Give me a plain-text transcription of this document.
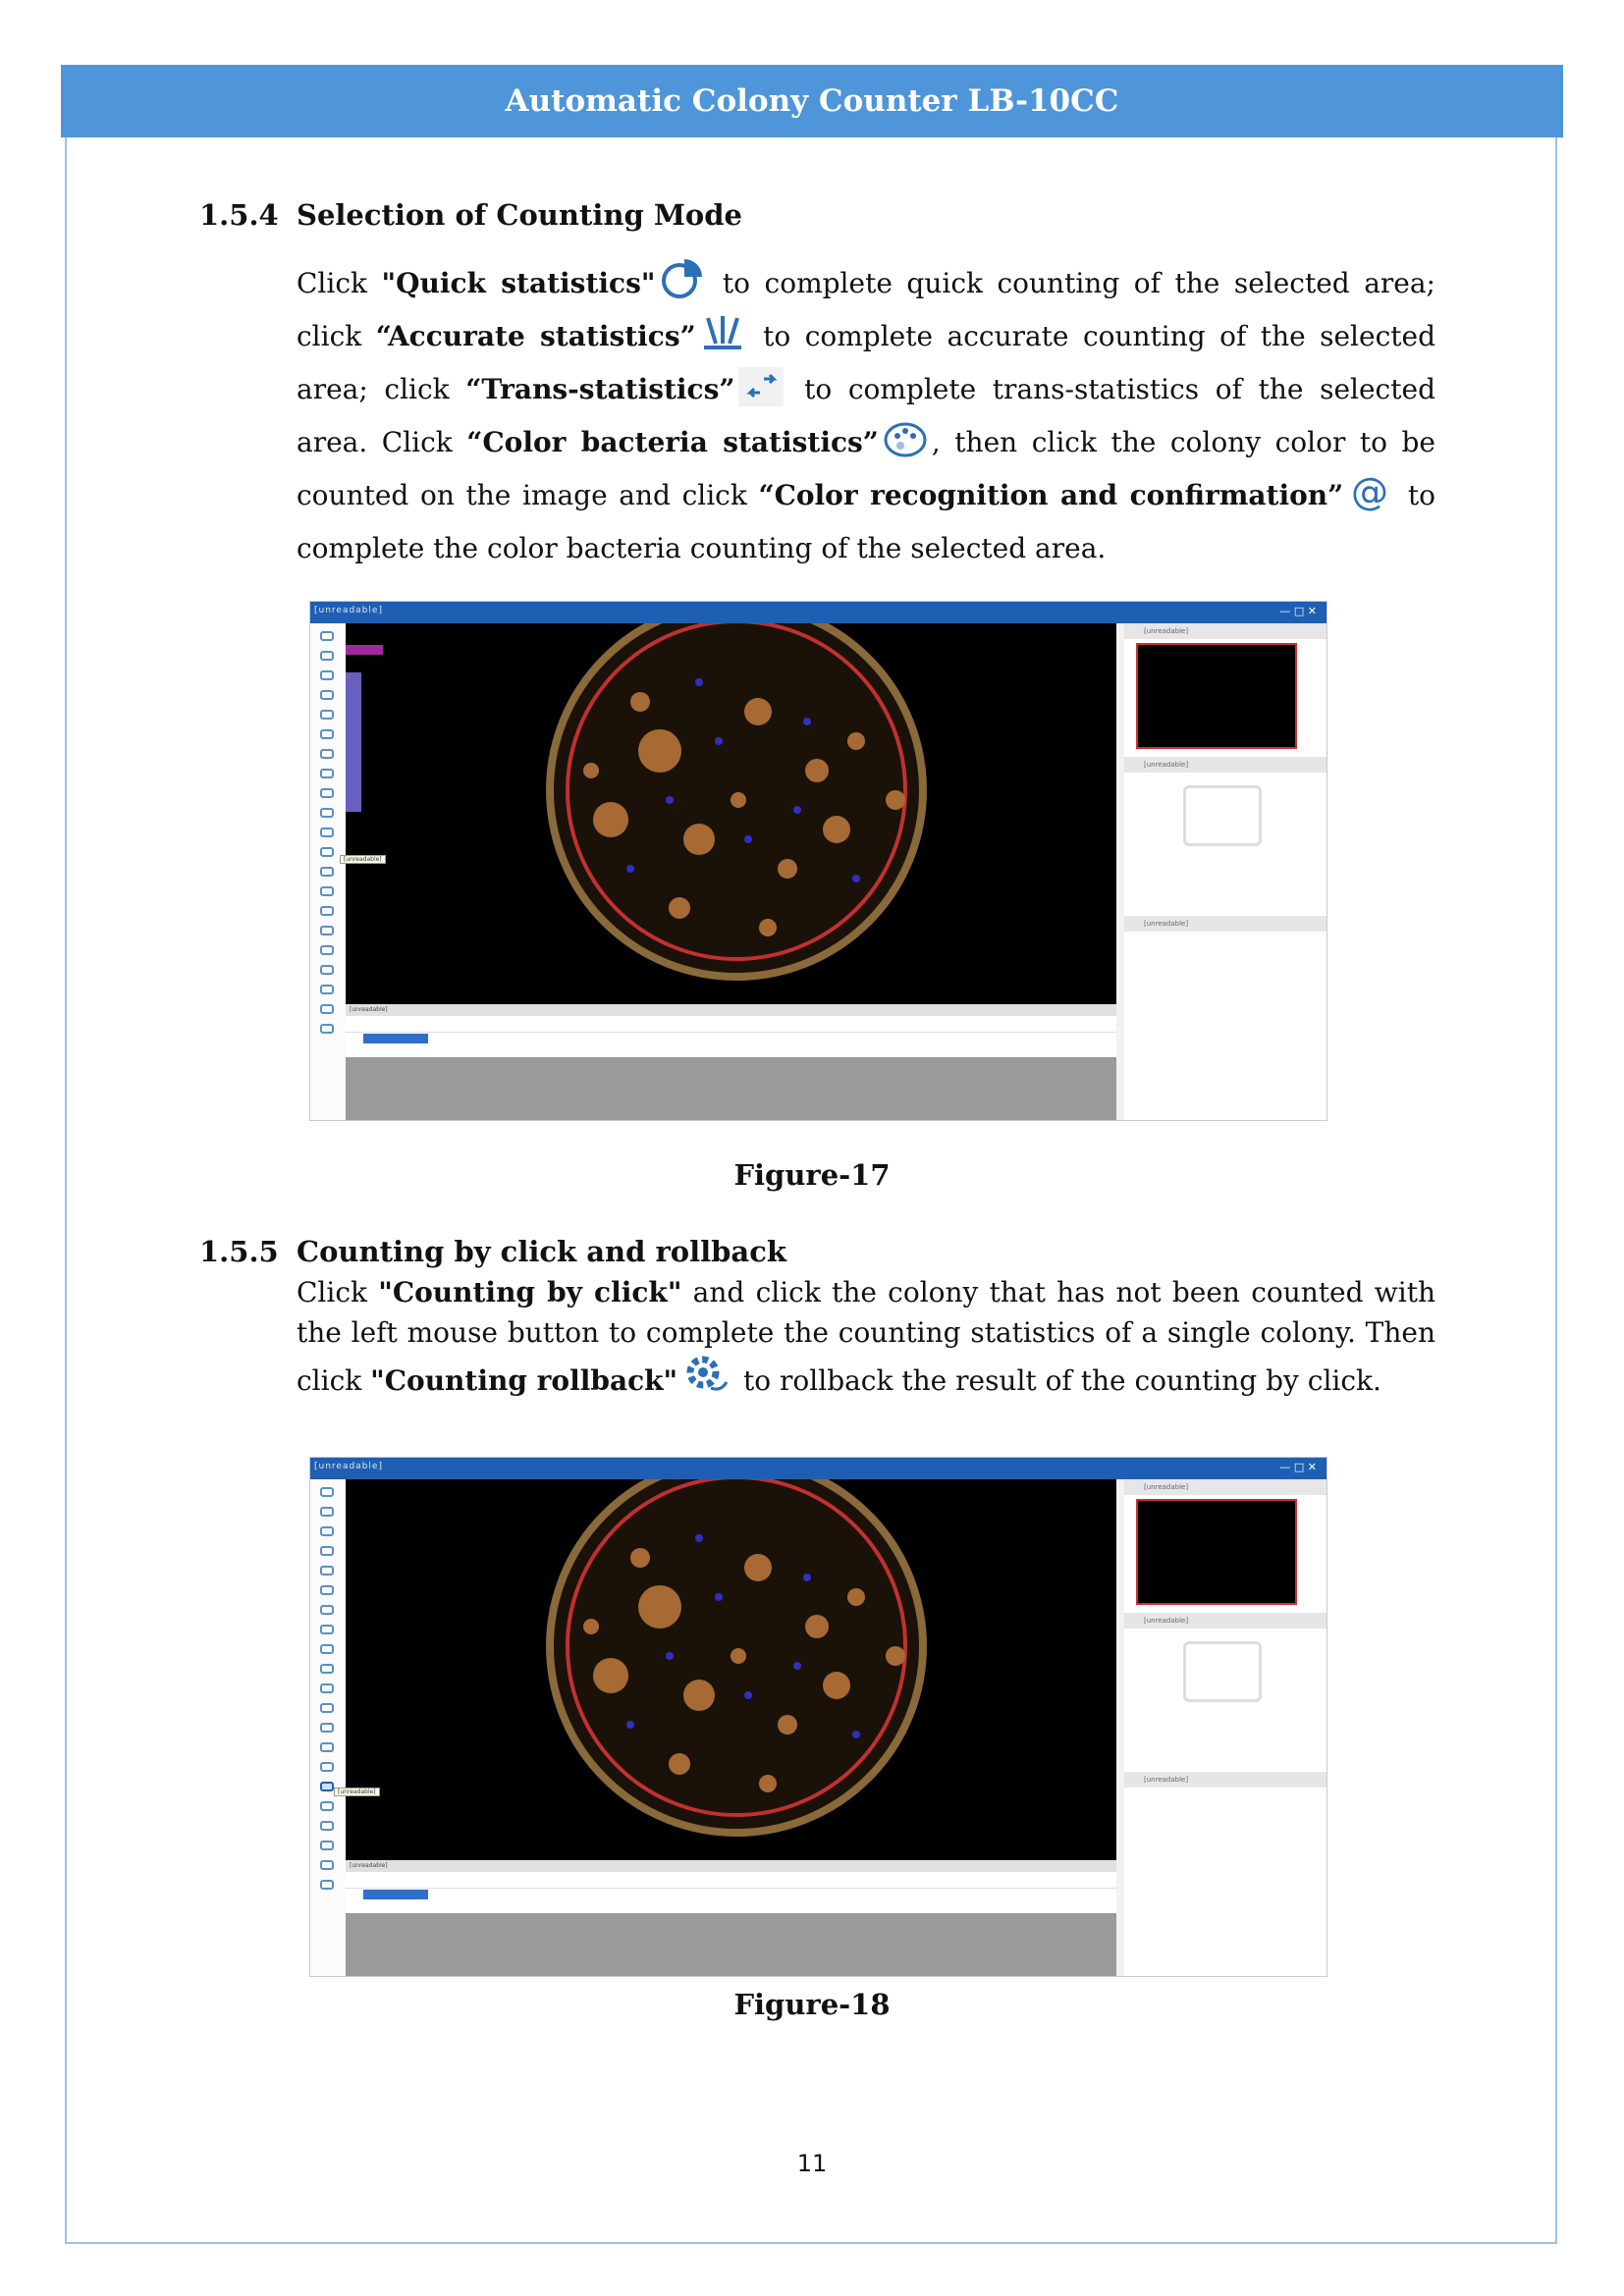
Automatic Colony Counter LB-10CC
1.5.4 Selection of Counting Mode
Click "Quick statistics" to complete quick counting of the selected area; click “Accurate statistics” to complete accurate counting of the selected area; click “Trans-statistics” to complete trans-statistics of the selected area. Click “Color bacteria statistics” , then click the colony color to be counted on the image and click “Color recognition and confirmation” @ to complete the color bacteria counting of the selected area.
[unreadable]	— □ ✕
[unreadable]
[unreadable]
[unreadable]
[unreadable]
[unreadable]
Figure-17
1.5.5 Counting by click and rollback
Click "Counting by click" and click the colony that has not been counted with the left mouse button to complete the counting statistics of a single colony. Then click "Counting rollback" to rollback the result of the counting by click.
[unreadable]	— □ ✕
[unreadable]
[unreadable]
[unreadable]
[unreadable]
[unreadable]
Figure-18
11
